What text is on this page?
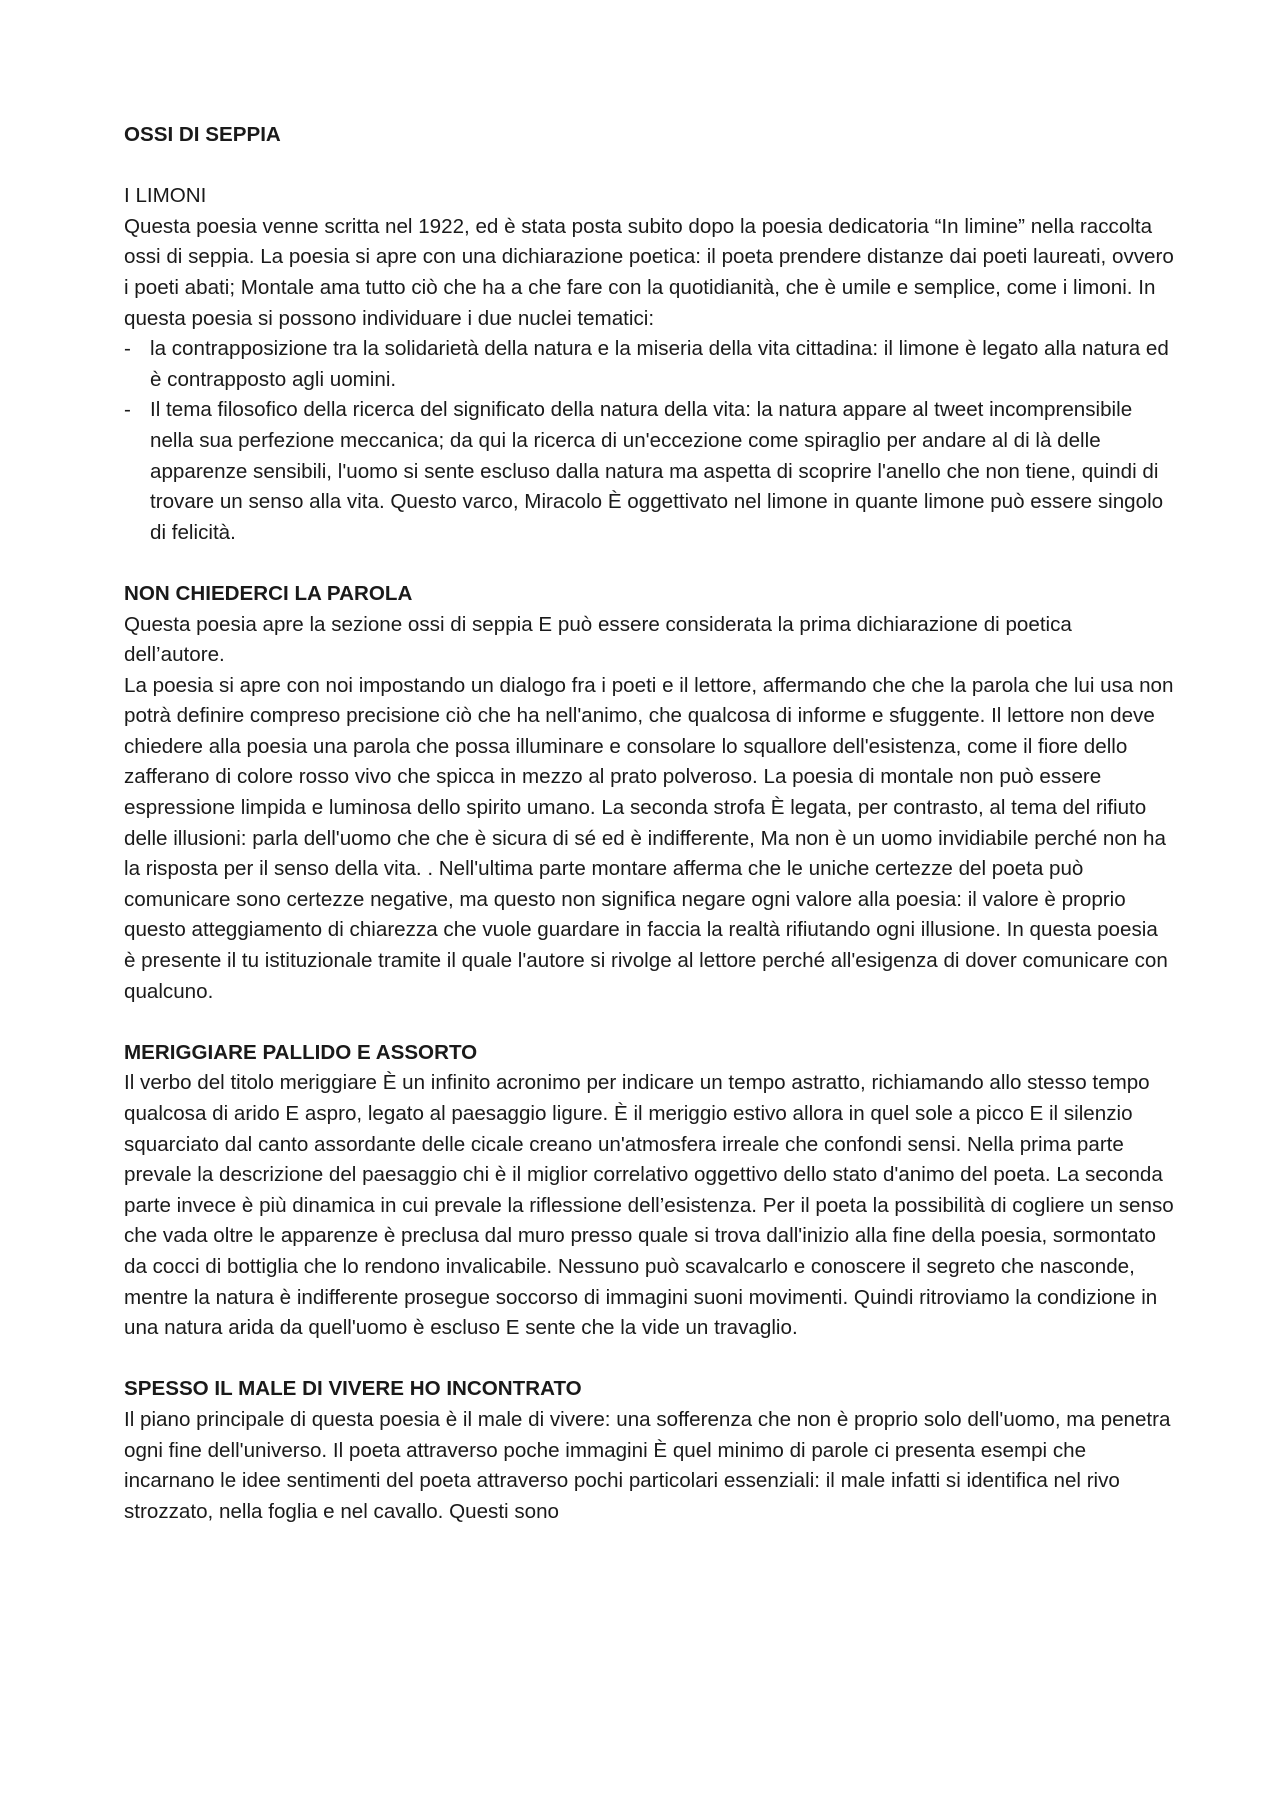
OSSI DI SEPPIA

I LIMONI

Questa poesia venne scritta nel 1922, ed è stata posta subito dopo la poesia dedicatoria “In limine” nella raccolta ossi di seppia. La poesia si apre con una dichiarazione poetica: il poeta prendere distanze dai poeti laureati, ovvero i poeti abati; Montale ama tutto ciò che ha a che fare con la quotidianità, che è umile e semplice, come i limoni. In questa poesia si possono individuare i due nuclei tematici:

- la contrapposizione tra la solidarietà della natura e la miseria della vita cittadina: il limone è legato alla natura ed è contrapposto agli uomini.
- Il tema filosofico della ricerca del significato della natura della vita: la natura appare al tweet incomprensibile nella sua perfezione meccanica; da qui la ricerca di un'eccezione come spiraglio per andare al di là delle apparenze sensibili, l'uomo si sente escluso dalla natura ma aspetta di scoprire l'anello che non tiene, quindi di trovare un senso alla vita. Questo varco, Miracolo È oggettivato nel limone in quante limone può essere singolo di felicità.

NON CHIEDERCI LA PAROLA

Questa poesia apre la sezione ossi di seppia E può essere considerata la prima dichiarazione di poetica dell’autore.

La poesia si apre con noi impostando un dialogo fra i poeti e il lettore, affermando che che la parola che lui usa non potrà definire compreso precisione ciò che ha nell'animo, che qualcosa di informe e sfuggente. Il lettore non deve chiedere alla poesia una parola che possa illuminare e consolare lo squallore dell'esistenza, come il fiore dello zafferano di colore rosso vivo che spicca in mezzo al prato polveroso. La poesia di montale non può essere espressione limpida e luminosa dello spirito umano. La seconda strofa È legata, per contrasto, al tema del rifiuto delle illusioni: parla dell'uomo che che è sicura di sé ed è indifferente, Ma non è un uomo invidiabile perché non ha la risposta per il senso della vita. . Nell'ultima parte montare afferma che le uniche certezze del poeta può comunicare sono certezze negative, ma questo non significa negare ogni valore alla poesia: il valore è proprio questo atteggiamento di chiarezza che vuole guardare in faccia la realtà rifiutando ogni illusione. In questa poesia è presente il tu istituzionale tramite il quale l'autore si rivolge al lettore perché all'esigenza di dover comunicare con qualcuno.

MERIGGIARE PALLIDO E ASSORTO

Il verbo del titolo meriggiare È un infinito acronimo per indicare un tempo astratto, richiamando allo stesso tempo qualcosa di arido E aspro, legato al paesaggio ligure. È il meriggio estivo allora in quel sole a picco E il silenzio squarciato dal canto assordante delle cicale creano un'atmosfera irreale che confondi sensi. Nella prima parte prevale la descrizione del paesaggio chi è il miglior correlativo oggettivo dello stato d'animo del poeta. La seconda parte invece è più dinamica in cui prevale la riflessione dell’esistenza. Per il poeta la possibilità di cogliere un senso che vada oltre le apparenze è preclusa dal muro presso quale si trova dall'inizio alla fine della poesia, sormontato da cocci di bottiglia che lo rendono invalicabile. Nessuno può scavalcarlo e conoscere il segreto che nasconde, mentre la natura è indifferente prosegue soccorso di immagini suoni movimenti. Quindi ritroviamo la condizione in una natura arida da quell'uomo è escluso E sente che la vide un travaglio.

SPESSO IL MALE DI VIVERE HO INCONTRATO

Il piano principale di questa poesia è il male di vivere: una sofferenza che non è proprio solo dell'uomo, ma penetra ogni fine dell'universo. Il poeta attraverso poche immagini È quel minimo di parole ci presenta esempi che incarnano le idee sentimenti del poeta attraverso pochi particolari essenziali: il male infatti si identifica nel rivo strozzato, nella foglia e nel cavallo. Questi sono
